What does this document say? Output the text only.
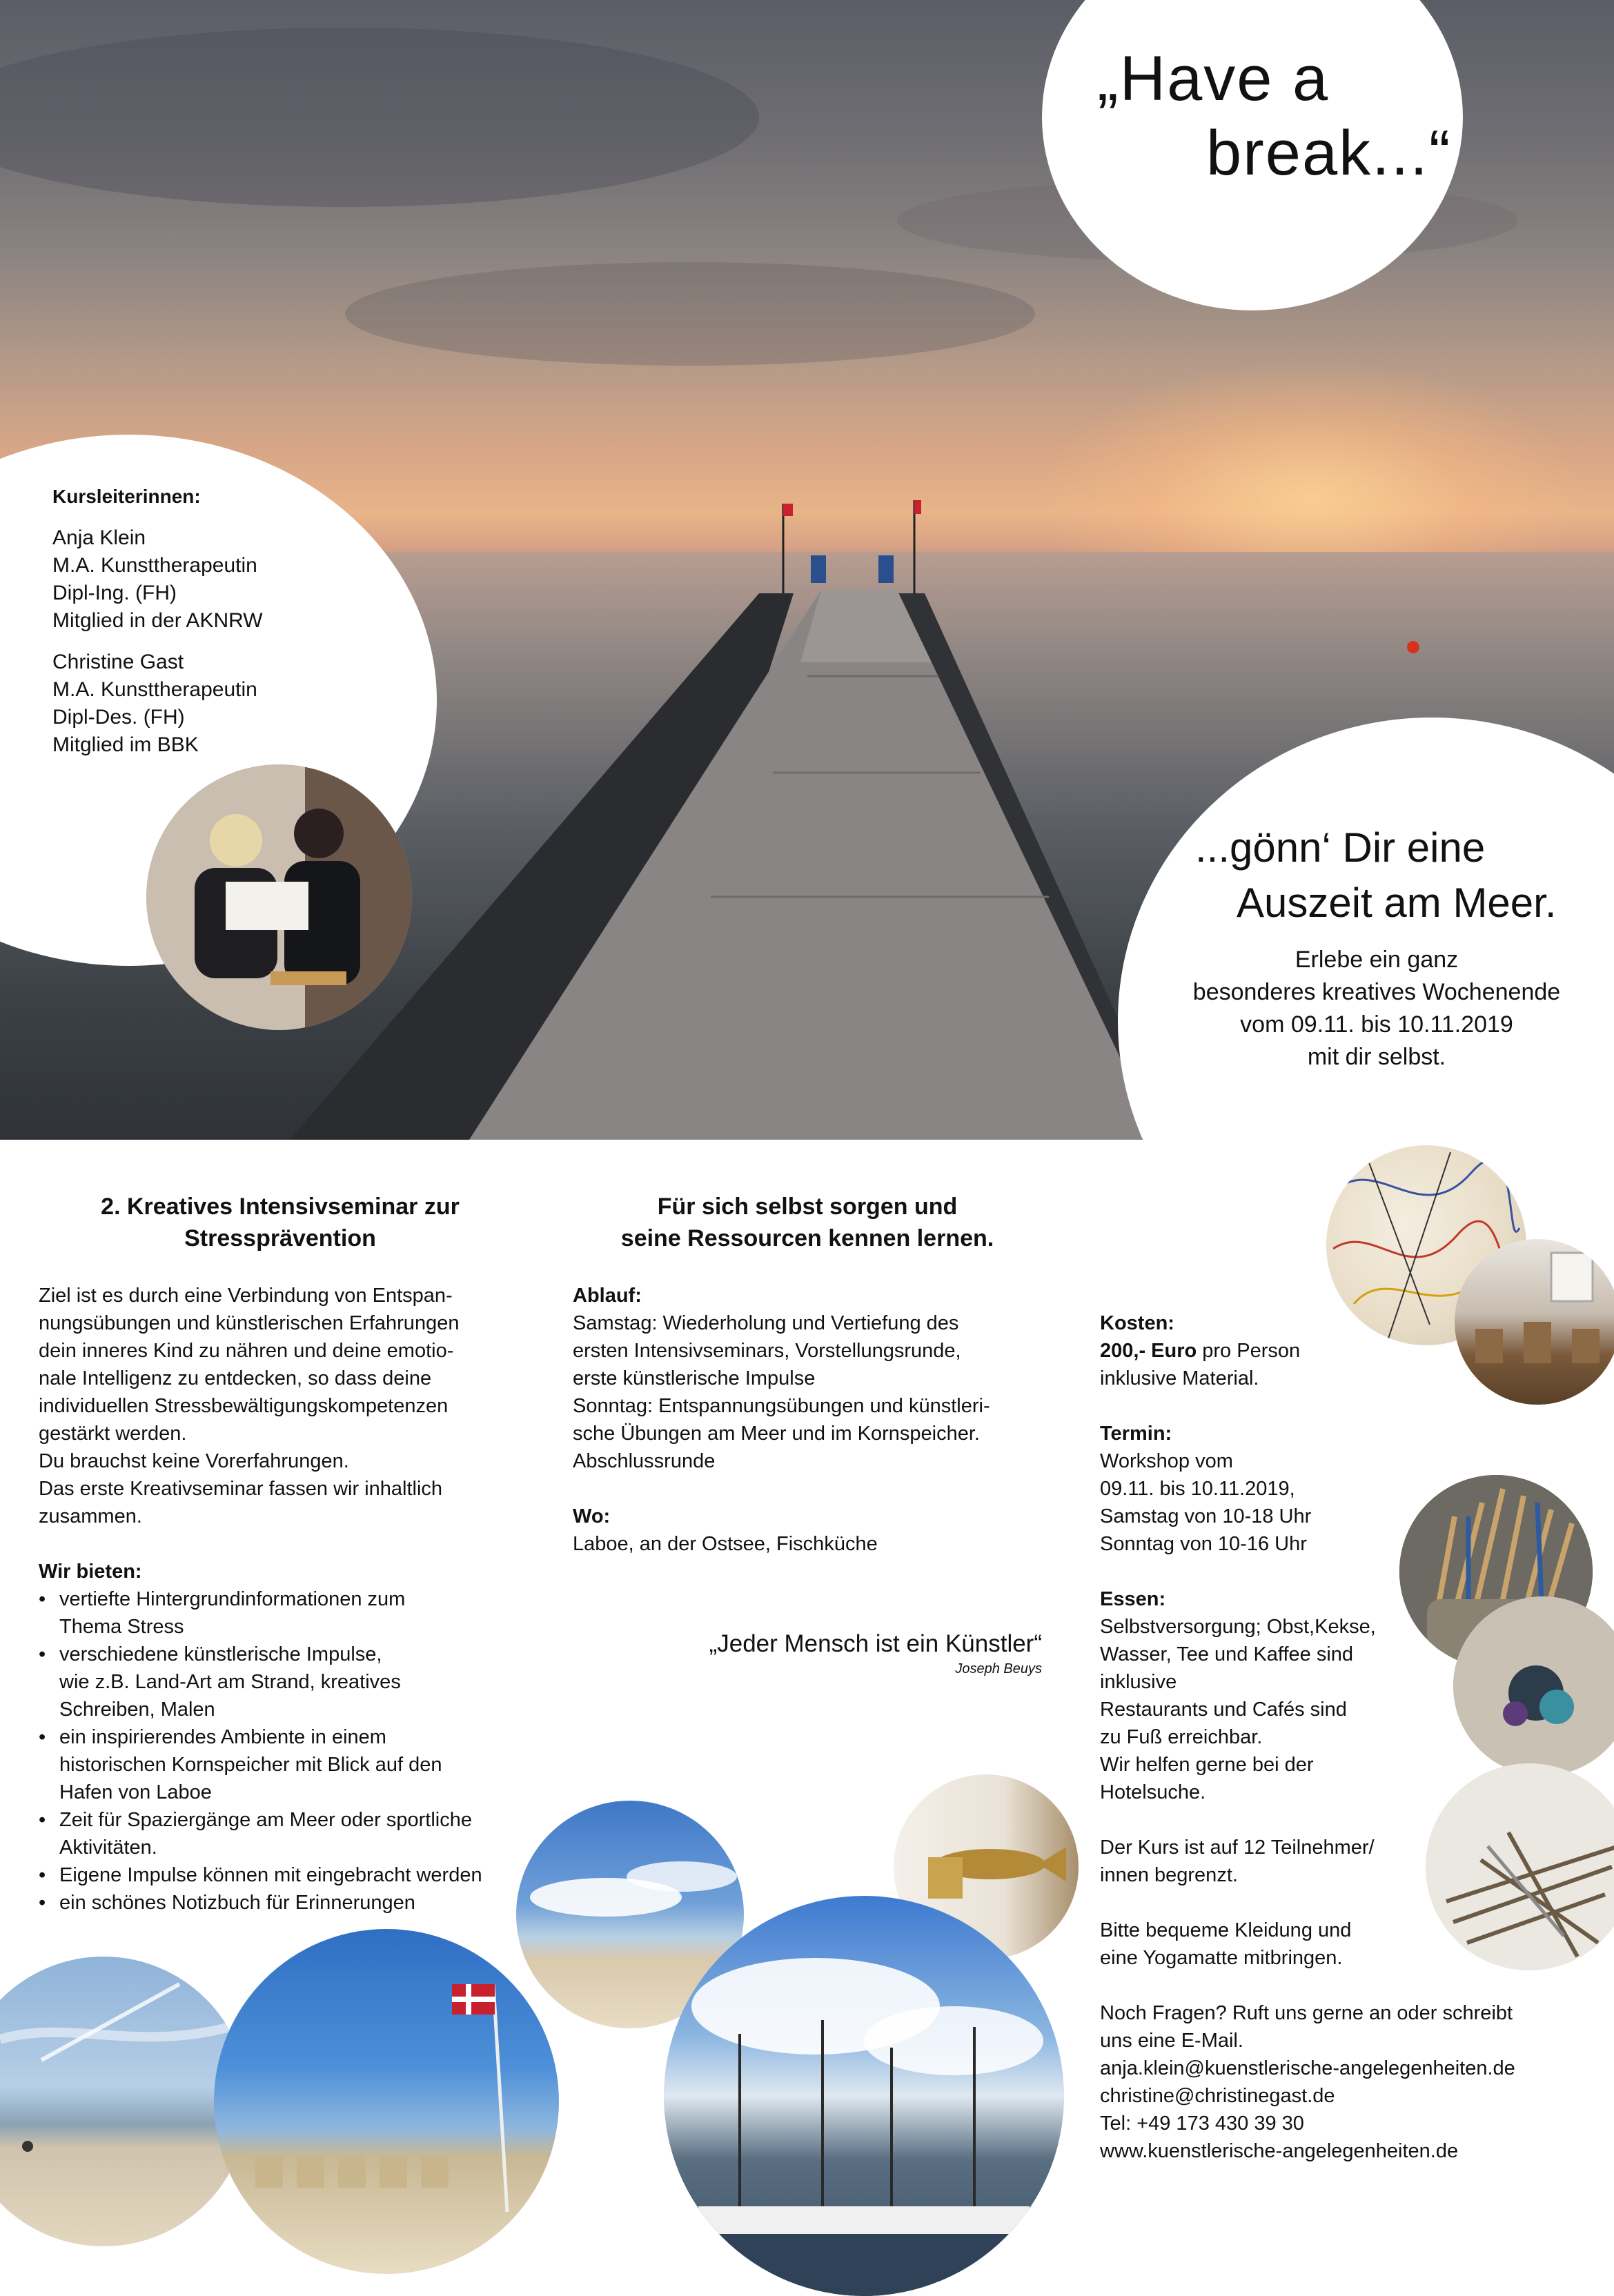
„Have a
break...“
Kursleiterinnen:
Anja Klein
M.A. Kunsttherapeutin
Dipl-Ing. (FH)
Mitglied in der AKNRW
Christine Gast
M.A. Kunsttherapeutin
Dipl-Des. (FH)
Mitglied im BBK
...gönn‘ Dir eine
Auszeit am Meer.
Erlebe ein ganz
besonderes kreatives Wochenende
vom 09.11. bis 10.11.2019
mit dir selbst.
2. Kreatives Intensivseminar zur
Stressprävention
Ziel ist es durch eine Verbindung von Entspan-
nungsübungen und künstlerischen Erfahrungen
dein inneres Kind zu nähren und deine emotio-
nale Intelligenz zu entdecken, so dass deine
individuellen Stressbewältigungskompetenzen
gestärkt werden.
Du brauchst keine Vorerfahrungen.
Das erste Kreativseminar fassen wir inhaltlich
zusammen.
Wir bieten:
• vertiefte Hintergrundinformationen zum
Thema Stress
• verschiedene künstlerische Impulse,
wie z.B. Land-Art am Strand, kreatives
Schreiben, Malen
• ein inspirierendes Ambiente in einem
historischen Kornspeicher mit Blick auf den
Hafen von Laboe
• Zeit für Spaziergänge am Meer oder sportliche
Aktivitäten.
• Eigene Impulse können mit eingebracht werden
• ein schönes Notizbuch für Erinnerungen
Für sich selbst sorgen und
seine Ressourcen kennen lernen.
Ablauf:
Samstag: Wiederholung und Vertiefung des
ersten Intensivseminars, Vorstellungsrunde,
erste künstlerische Impulse
Sonntag: Entspannungsübungen und künstleri-
sche Übungen am Meer und im Kornspeicher.
Abschlussrunde
Wo:
Laboe, an der Ostsee, Fischküche
„Jeder Mensch ist ein Künstler“
Joseph Beuys
Kosten:
200,- Euro pro Person
inklusive Material.
Termin:
Workshop vom
09.11. bis 10.11.2019,
Samstag von 10-18 Uhr
Sonntag von 10-16 Uhr
Essen:
Selbstversorgung; Obst,Kekse,
Wasser, Tee und Kaffee sind
inklusive
Restaurants und Cafés sind
zu Fuß erreichbar.
Wir helfen gerne bei der
Hotelsuche.
Der Kurs ist auf 12 Teilnehmer/
innen begrenzt.
Bitte bequeme Kleidung und
eine Yogamatte mitbringen.
Noch Fragen? Ruft uns gerne an oder schreibt
uns eine E-Mail.
anja.klein@kuenstlerische-angelegenheiten.de
christine@christinegast.de
Tel: +49 173 430 39 30
www.kuenstlerische-angelegenheiten.de
